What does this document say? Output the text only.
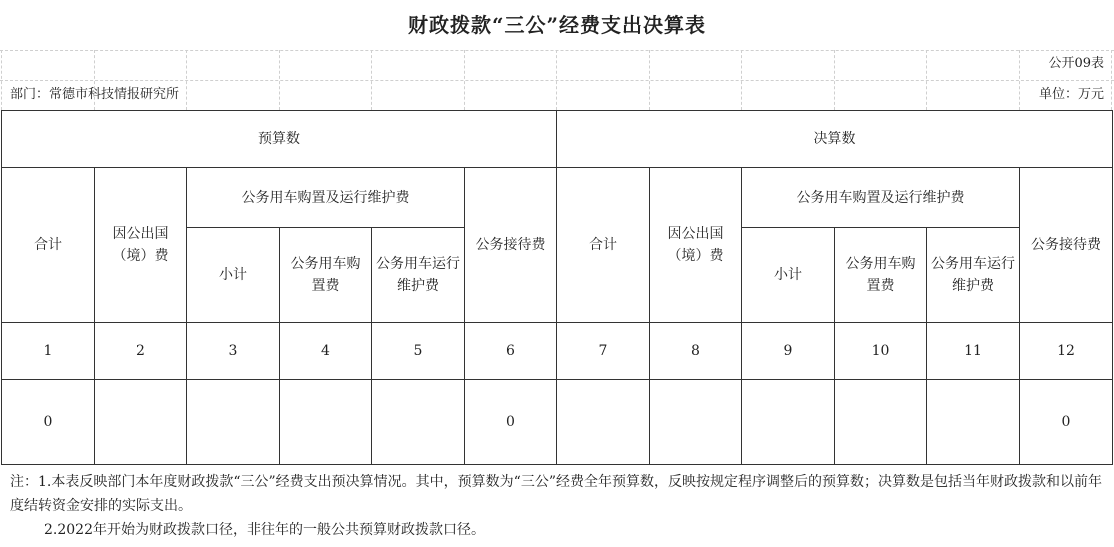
财政拨款“三公”经费支出决算表
公开09表
部门：常德市科技情报研究所	单位：万元
预算数						决算数					
合计	因公出国（境）费	公务用车购置及运行维护费			公务接待费	合计	因公出国（境）费	公务用车购置及运行维护费			公务接待费
		小计	公务用车购置费	公务用车运行维护费				小计	公务用车购置费	公务用车运行维护费	
1	2	3	4	5	6	7	8	9	10	11	12
0					0						0

注：1.本表反映部门本年度财政拨款“三公”经费支出预决算情况。其中，预算数为“三公”经费全年预算数，反映按规定程序调整后的预算数；决算数是包括当年财政拨款和以前年度结转资金安排的实际支出。

2.2022年开始为财政拨款口径，非往年的一般公共预算财政拨款口径。
